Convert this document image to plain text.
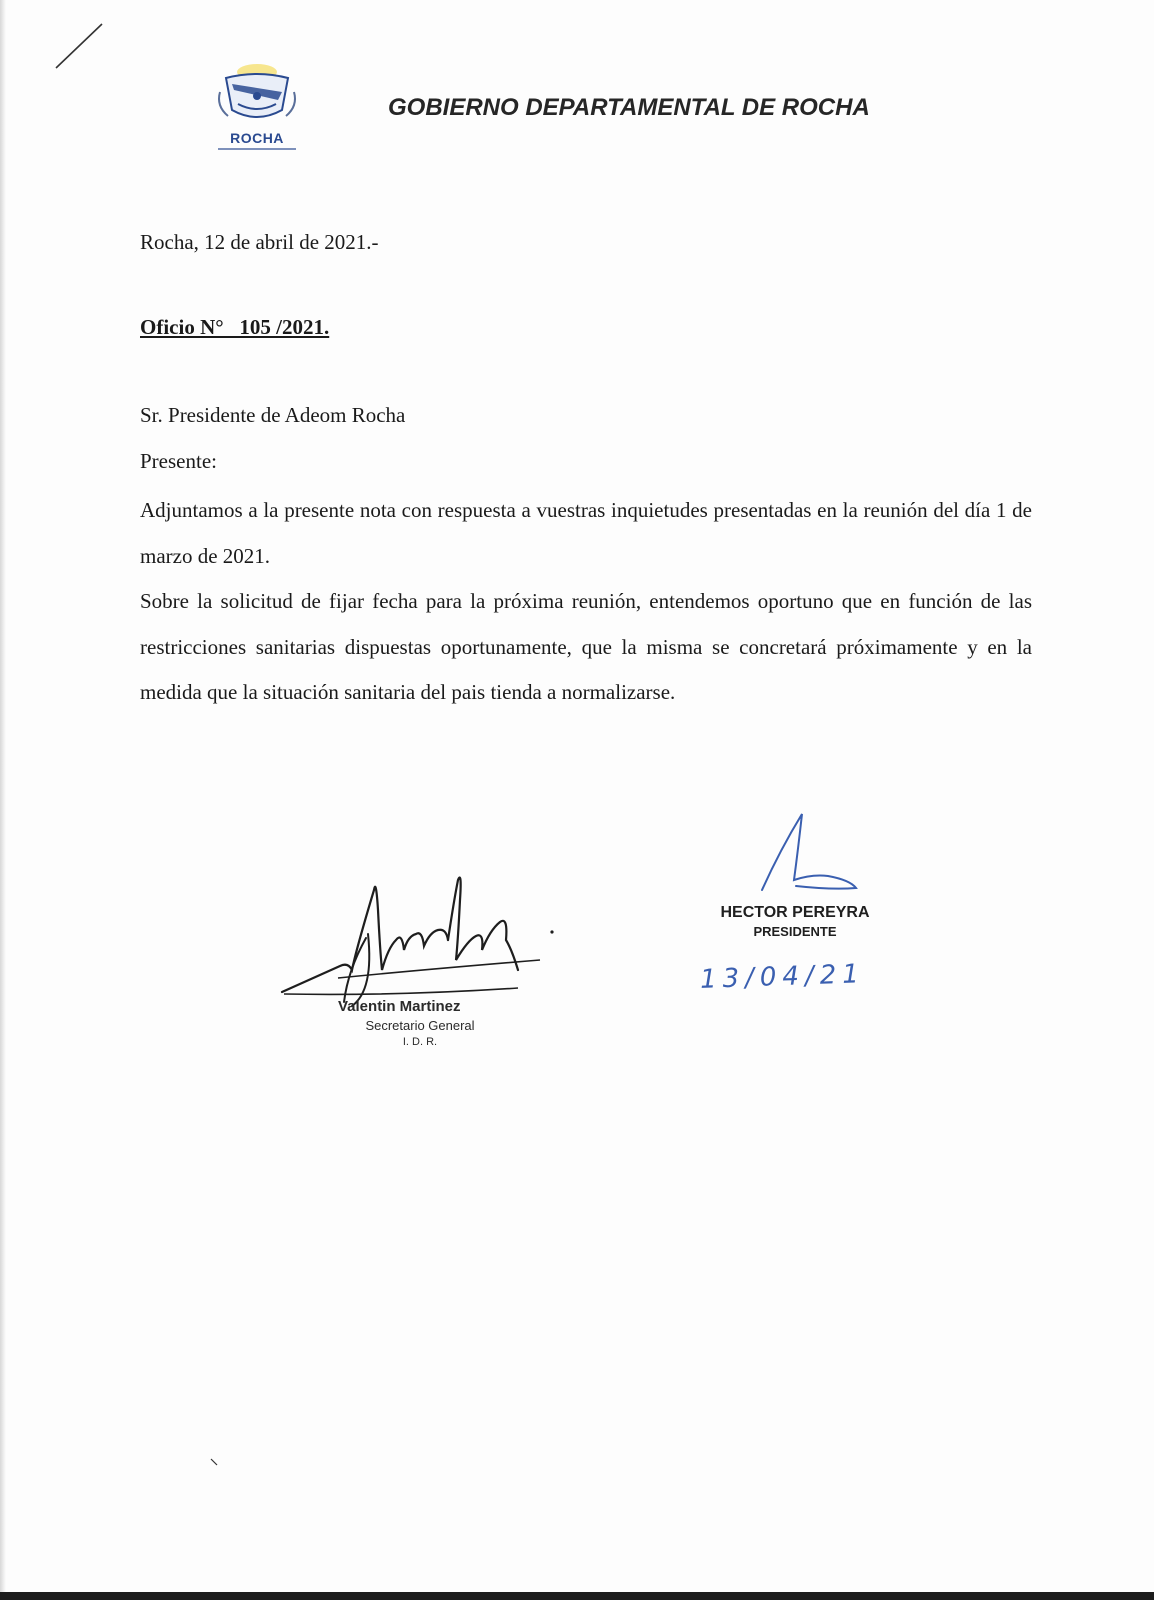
ROCHA
GOBIERNO DEPARTAMENTAL DE ROCHA
Rocha, 12 de abril de 2021.-
Oficio N°   105 /2021.
Sr. Presidente de Adeom Rocha
Presente:

Adjuntamos a la presente nota con respuesta a vuestras inquietudes presentadas en la reunión del día 1 de marzo de 2021.

Sobre la solicitud de fijar fecha para la próxima reunión, entendemos oportuno que en función de las restricciones sanitarias dispuestas oportunamente, que la misma se concretará próximamente y en la medida que la situación sanitaria del pais tienda a normalizarse.

Valentin Martinez
Secretario General
I. D. R.
HECTOR PEREYRA
PRESIDENTE
13/04/21
